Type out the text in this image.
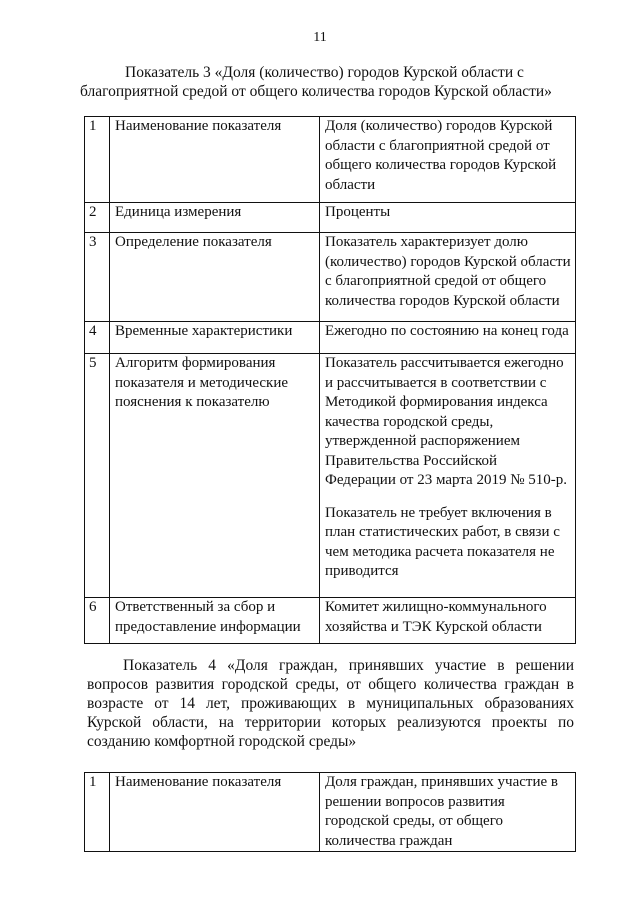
11
Показатель 3 «Доля (количество) городов Курской области с благоприятной средой от общего количества городов Курской области»
1	Наименование показателя	Доля (количество) городов Курской области с благоприятной средой от общего количества городов Курской области
2	Единица измерения	Проценты
3	Определение показателя	Показатель характеризует долю (количество) городов Курской области с благоприятной средой от общего количества городов Курской области
4	Временные характеристики	Ежегодно по состоянию на конец года
5	Алгоритм формирования показателя и методические пояснения к показателю	Показатель рассчитывается ежегодно и рассчитывается в соответствии с Методикой формирования индекса качества городской среды, утвержденной распоряжением Правительства Российской Федерации от 23 марта 2019 № 510-р.
Показатель не требует включения в план статистических работ, в связи с чем методика расчета показателя не приводится

6	Ответственный за сбор и предоставление информации	Комитет жилищно-коммунального хозяйства и ТЭК Курской области
Показатель 4 «Доля граждан, принявших участие в решении вопросов развития городской среды, от общего количества граждан в возрасте от 14 лет, проживающих в муниципальных образованиях Курской области, на территории которых реализуются проекты по созданию комфортной городской среды»
1	Наименование показателя	Доля граждан, принявших участие в решении вопросов развития городской среды, от общего количества граждан
